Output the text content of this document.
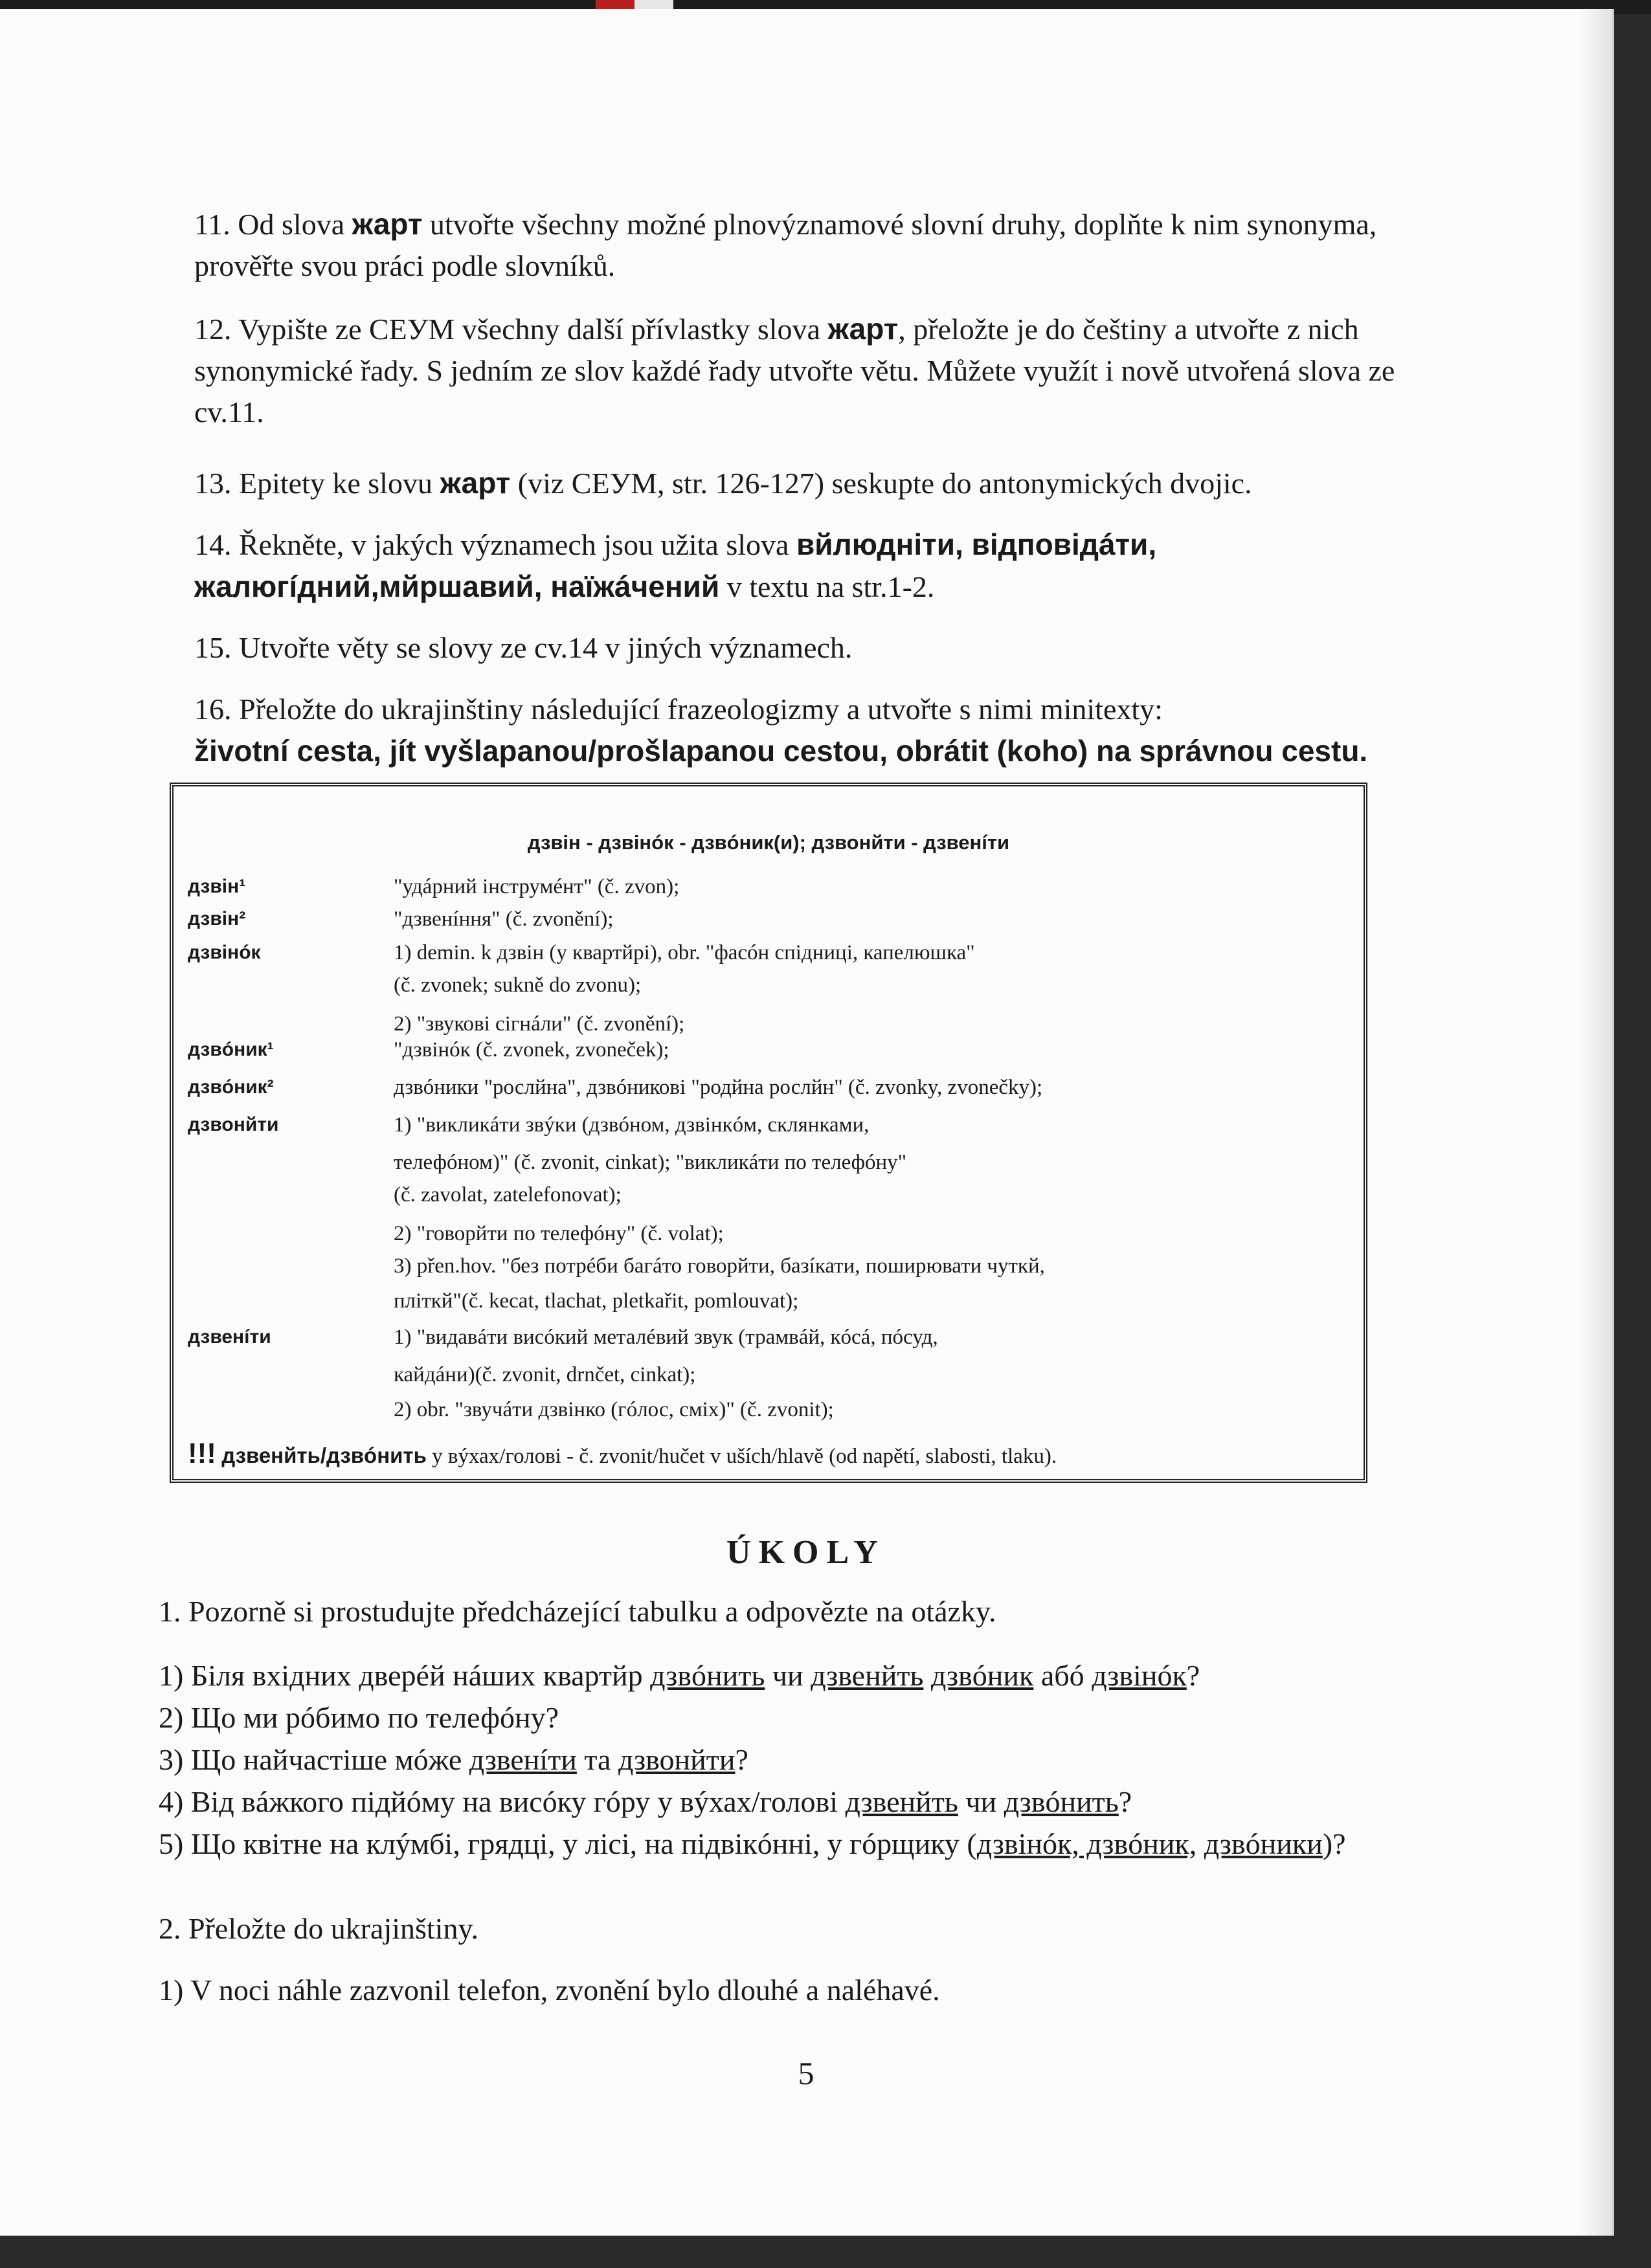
11. Od slova жарт utvořte všechny možné plnovýznamové slovní druhy, doplňte k nim synonyma, prověřte svou práci podle slovníků.
12. Vypište ze СЕУМ všechny další přívlastky slova жарт, přeložte je do češtiny a utvořte z nich synonymické řady. S jedním ze slov každé řady utvořte větu. Můžete využít i nově utvořená slova ze cv.11.
13. Epitety ke slovu жарт (viz СЕУМ, str. 126-127) seskupte do antonymických dvojic.
14. Řekněte, v jakých významech jsou užita slova вйлюднiти, вiдповiдáти, жалюгíдний,мйршавий, наïжáчений v textu na str.1-2.
15. Utvořte věty se slovy ze cv.14 v jiných významech.
16. Přeložte do ukrajinštiny následující frazeologizmy a utvořte s nimi minitexty:
životní cesta, jít vyšlapanou/prošlapanou cestou, obrátit (koho) na správnou cestu.
дзвiн - дзвiнóк - дзвóник(и); дзвонйти - дзвенíти
дзвiн¹	"удáрний iнструмéнт" (č. zvon);
дзвiн²	"дзвенíння" (č. zvonění);
дзвiнóк	1) demin. k дзвiн (у квартйрi), obr. "фасóн спiдницi, капелюшка"
(č. zvonek; sukně do zvonu);
2) "звуковi сiгнáли" (č. zvonění);
дзвóник¹	"дзвiнóк (č. zvonek, zvoneček);
дзвóник²	дзвóники "рослйна", дзвóниковi "родйна рослйн" (č. zvonky, zvonečky);
дзвонйти	1) "викликáти звýки (дзвóном, дзвiнкóм, склянками,
телефóном)" (č. zvonit, cinkat); "викликáти по телефóну"
(č. zavolat, zatelefonovat);
2) "говорйти по телефóну" (č. volat);
3) přen.hov. "без потрéби багáто говорйти, базíкати, поширювати чуткй,
плiткй"(č. kecat, tlachat, pletkařit, pomlouvat);
дзвенíти	1) "видавáти висóкий металéвий звук (трамвáй, кóсá, пóсуд,
кайдáни)(č. zvonit, drnčet, cinkat);
2) obr. "звучáти дзвiнко (гóлос, смiх)" (č. zvonit);
!!! дзвенйть/дзвóнить у вýхах/головi - č. zvonit/hučet v uších/hlavě (od napětí, slabosti, tlaku).
ÚKOLY
1. Pozorně si prostudujte předcházející tabulku a odpovězte na otázky.
1) Бiля вхiдних дверéй нáших квартйр дзвóнить чи дзвенйть дзвóник абó дзвiнóк?
2) Що ми рóбимо по телефóну?
3) Що найчастiше мóже дзвенíти та дзвонйти?
4) Вiд вáжкого пiдйóму на висóку гóру у вýхах/головi дзвенйть чи дзвóнить?
5) Що квiтне на клýмбi, грядцi, у лiсi, на пiдвiкóннi, у гóрщику (дзвiнóк, дзвóник, дзвóники)?
2. Přeložte do ukrajinštiny.
1) V noci náhle zazvonil telefon, zvonění bylo dlouhé a naléhavé.
5
